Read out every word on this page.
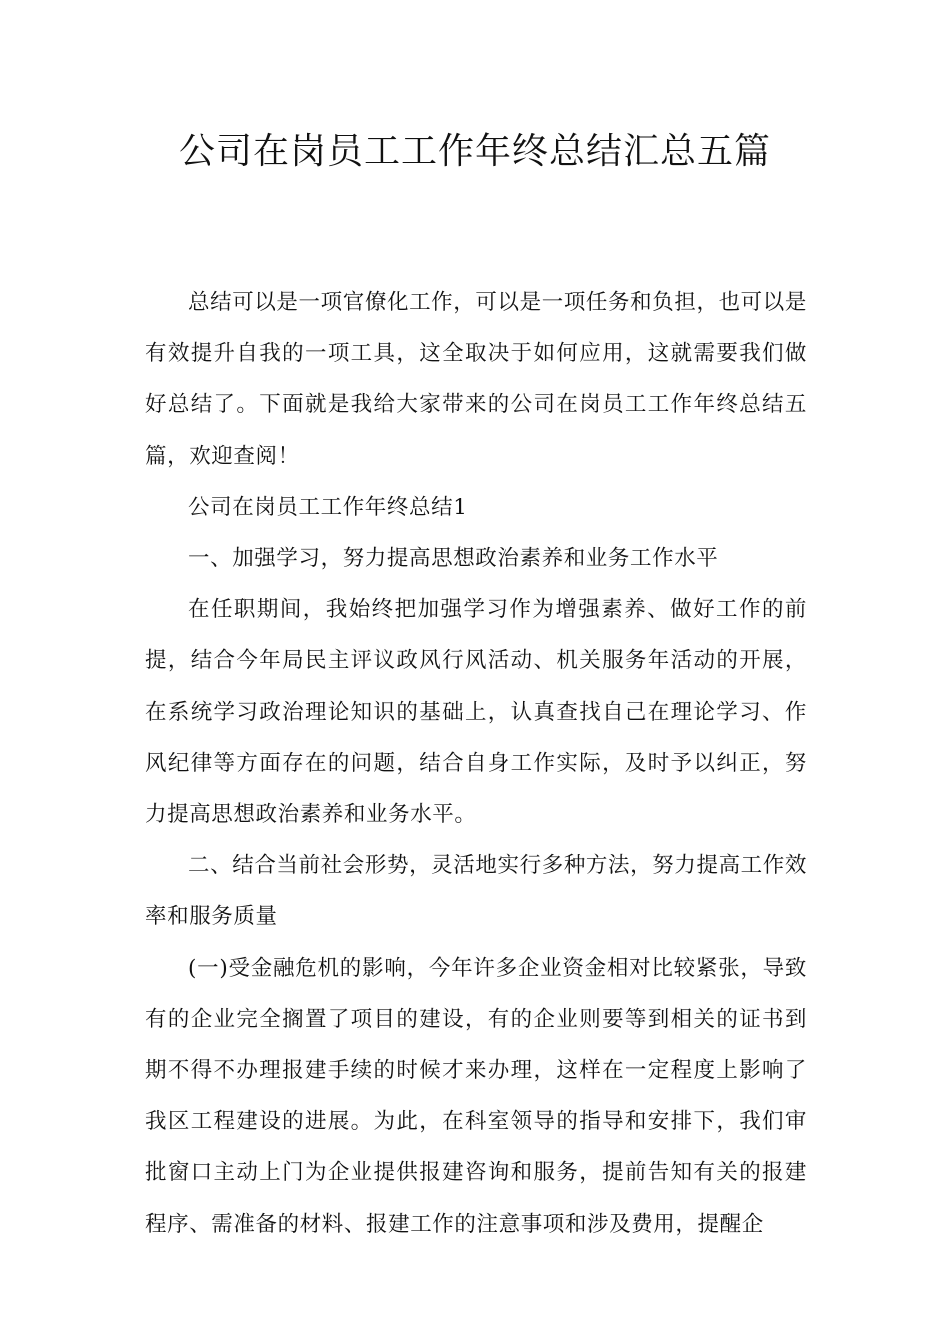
公司在岗员工工作年终总结汇总五篇

总结可以是一项官僚化工作，可以是一项任务和负担，也可以是有效提升自我的一项工具，这全取决于如何应用，这就需要我们做好总结了。下面就是我给大家带来的公司在岗员工工作年终总结五篇，欢迎查阅！

公司在岗员工工作年终总结1

一、加强学习，努力提高思想政治素养和业务工作水平

在任职期间，我始终把加强学习作为增强素养、做好工作的前提，结合今年局民主评议政风行风活动、机关服务年活动的开展，在系统学习政治理论知识的基础上，认真查找自己在理论学习、作风纪律等方面存在的问题，结合自身工作实际，及时予以纠正，努力提高思想政治素养和业务水平。

二、结合当前社会形势，灵活地实行多种方法，努力提高工作效率和服务质量

(一)受金融危机的影响，今年许多企业资金相对比较紧张，导致有的企业完全搁置了项目的建设，有的企业则要等到相关的证书到期不得不办理报建手续的时候才来办理，这样在一定程度上影响了我区工程建设的进展。为此，在科室领导的指导和安排下，我们审批窗口主动上门为企业提供报建咨询和服务，提前告知有关的报建程序、需准备的材料、报建工作的注意事项和涉及费用，提醒企
